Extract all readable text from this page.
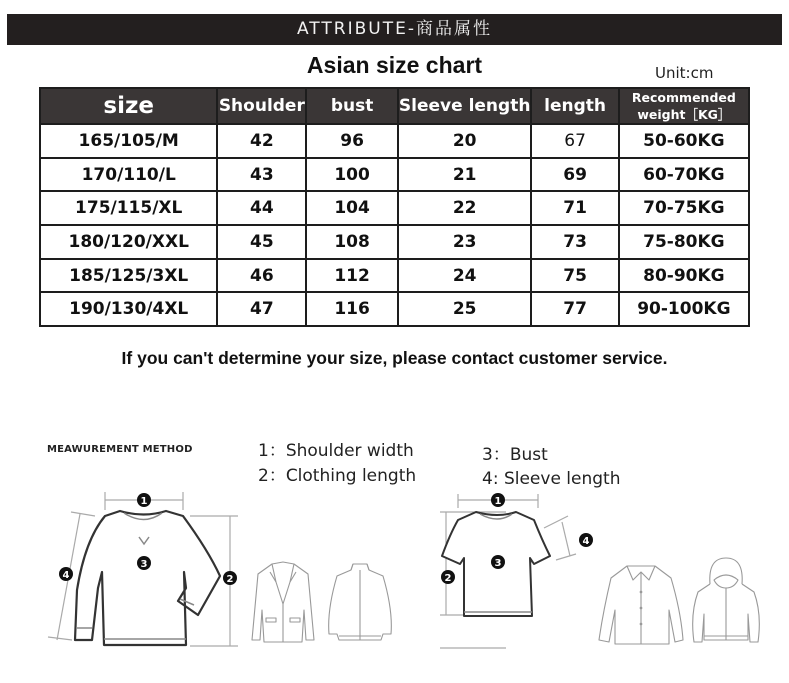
ATTRIBUTE-商品属性
Asian size chart	Unit:cm
size	Shoulder	bust	Sleeve length	length	Recommended
weight［KG］

165/105/M	42	96	20	67	50-60KG
170/110/L	43	100	21	69	60-70KG
175/115/XL	44	104	22	71	70-75KG
180/120/XXL	45	108	23	73	75-80KG
185/125/3XL	46	112	24	75	80-90KG
190/130/4XL	47	116	25	77	90-100KG
If you can't determine your size, please contact customer service.
MEAWUREMENT METHOD	1：Shoulder width
2：Clothing length
3：Bust
4: Sleeve length
1
3
2
4
1
3
2
4
